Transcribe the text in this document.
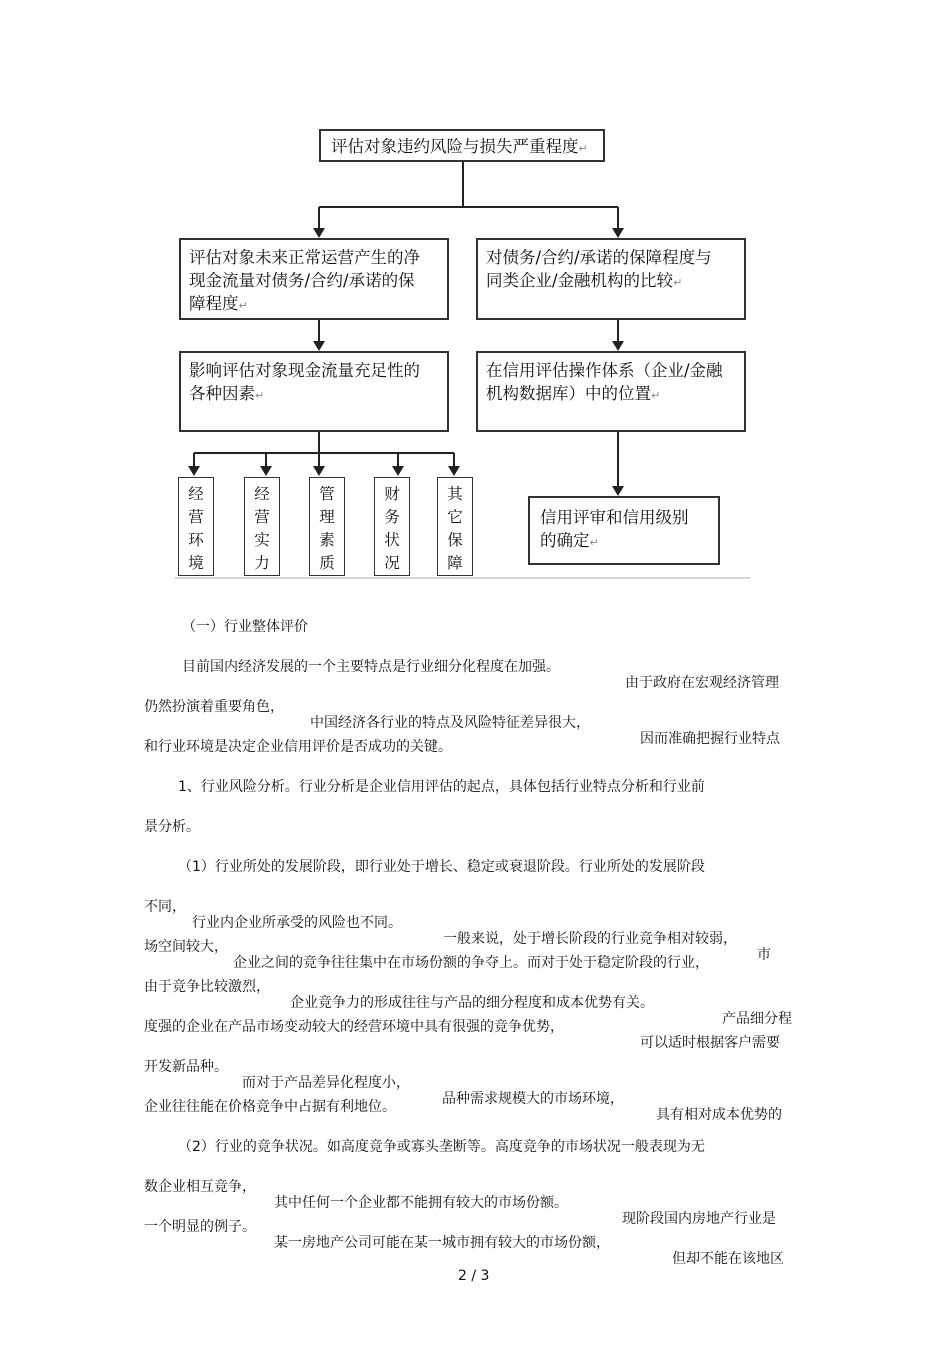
评估对象违约风险与损失严重程度↵
评估对象未来正常运营产生的净
现金流量对债务/合约/承诺的保
障程度↵
对债务/合约/承诺的保障程度与
同类企业/金融机构的比较↵
影响评估对象现金流量充足性的
各种因素↵
在信用评估操作体系（企业/金融
机构数据库）中的位置↵
信用评审和信用级别
的确定↵
经
营
环
境
经
营
实
力
管
理
素
质
财
务
状
况
其
它
保
障

（一）行业整体评价

目前国内经济发展的一个主要特点是行业细分化程度在加强。

由于政府在宏观经济管理

仍然扮演着重要角色，

中国经济各行业的特点及风险特征差异很大，

因而准确把握行业特点

和行业环境是决定企业信用评价是否成功的关键。

1、行业风险分析。行业分析是企业信用评估的起点，具体包括行业特点分析和行业前

景分析。

（1）行业所处的发展阶段，即行业处于增长、稳定或衰退阶段。行业所处的发展阶段

不同，

行业内企业所承受的风险也不同。

一般来说，处于增长阶段的行业竞争相对较弱，

市

场空间较大，

企业之间的竞争往往集中在市场份额的争夺上。而对于处于稳定阶段的行业，

由于竞争比较激烈，

企业竞争力的形成往往与产品的细分程度和成本优势有关。

产品细分程

度强的企业在产品市场变动较大的经营环境中具有很强的竞争优势，

可以适时根据客户需要

开发新品种。

而对于产品差异化程度小，

品种需求规模大的市场环境，

具有相对成本优势的

企业往往能在价格竞争中占据有利地位。

（2）行业的竞争状况。如高度竞争或寡头垄断等。高度竞争的市场状况一般表现为无

数企业相互竞争，

其中任何一个企业都不能拥有较大的市场份额。

现阶段国内房地产行业是

一个明显的例子。

某一房地产公司可能在某一城市拥有较大的市场份额，

但却不能在该地区

2 / 3
